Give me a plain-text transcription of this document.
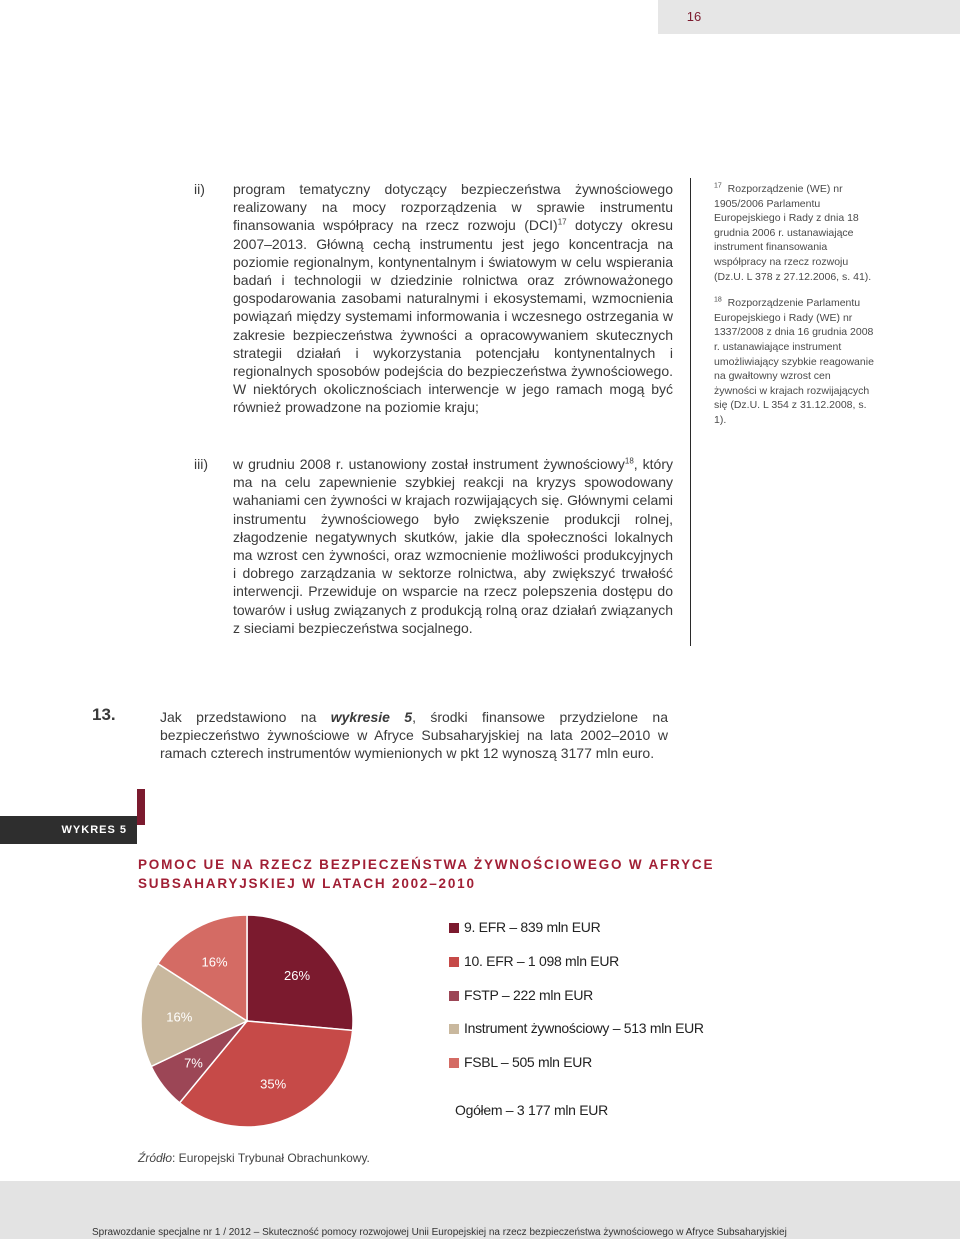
16
ii)	program tematyczny dotyczący bezpieczeństwa żywnościowego realizowany na mocy rozporządzenia w sprawie instrumentu finansowania współpracy na rzecz rozwoju (DCI)$^{17}$ dotyczy okresu 2007–2013. Główną cechą instrumentu jest jego koncentracja na poziomie regionalnym, kontynentalnym i światowym w celu wspierania badań i technologii w dziedzinie rolnictwa oraz zrównoważonego gospodarowania zasobami naturalnymi i ekosystemami, wzmocnienia powiązań między systemami informowania i wczesnego ostrzegania w zakresie bezpieczeństwa żywności a opracowywaniem skutecznych strategii działań i wykorzystania potencjału kontynentalnych i regionalnych sposobów podejścia do bezpieczeństwa żywnościowego. W niektórych okolicznościach interwencje w jego ramach mogą być również prowadzone na poziomie kraju;
iii)	w grudniu 2008 r. ustanowiony został instrument żywnościowy$^{18}$, który ma na celu zapewnienie szybkiej reakcji na kryzys spowodowany wahaniami cen żywności w krajach rozwijających się. Głównymi celami instrumentu żywnościowego było zwiększenie produkcji rolnej, złagodzenie negatywnych skutków, jakie dla społeczności lokalnych ma wzrost cen żywności, oraz wzmocnienie możliwości produkcyjnych i dobrego zarządzania w sektorze rolnictwa, aby zwiększyć trwałość interwencji. Przewiduje on wsparcie na rzecz polepszenia dostępu do towarów i usług związanych z produkcją rolną oraz działań związanych z sieciami bezpieczeństwa socjalnego.
$^{17}$ Rozporządzenie (WE) nr 1905/2006 Parlamentu Europejskiego i Rady z dnia 18 grudnia 2006 r. ustanawiające instrument finansowania współpracy na rzecz rozwoju (Dz.U. L 378 z 27.12.2006, s. 41).
$^{18}$ Rozporządzenie Parlamentu Europejskiego i Rady (WE) nr 1337/2008 z dnia 16 grudnia 2008 r. ustanawiające instrument umożliwiający szybkie reagowanie na gwałtowny wzrost cen żywności w krajach rozwijających się (Dz.U. L 354 z 31.12.2008, s. 1).
13.	Jak przedstawiono na wykresie 5, środki finansowe przydzielone na bezpieczeństwo żywnościowe w Afryce Subsaharyjskiej na lata 2002–2010 w ramach czterech instrumentów wymienionych w pkt 12 wynoszą 3177 mln euro.
WYKRES 5
POMOC UE NA RZECZ BEZPIECZEŃSTWA ŻYWNOŚCIOWEGO W AFRYCE SUBSAHARYJSKIEJ W LATACH 2002–2010
26%
35%
7%
16%
16%
9. EFR – 839 mln EUR
10. EFR – 1 098 mln EUR
FSTP – 222 mln EUR
Instrument żywnościowy – 513 mln EUR
FSBL – 505 mln EUR
Ogółem – 3 177 mln EUR
Źródło: Europejski Trybunał Obrachunkowy.
Sprawozdanie specjalne nr 1 / 2012 – Skuteczność pomocy rozwojowej Unii Europejskiej na rzecz bezpieczeństwa żywnościowego w Afryce Subsaharyjskiej
